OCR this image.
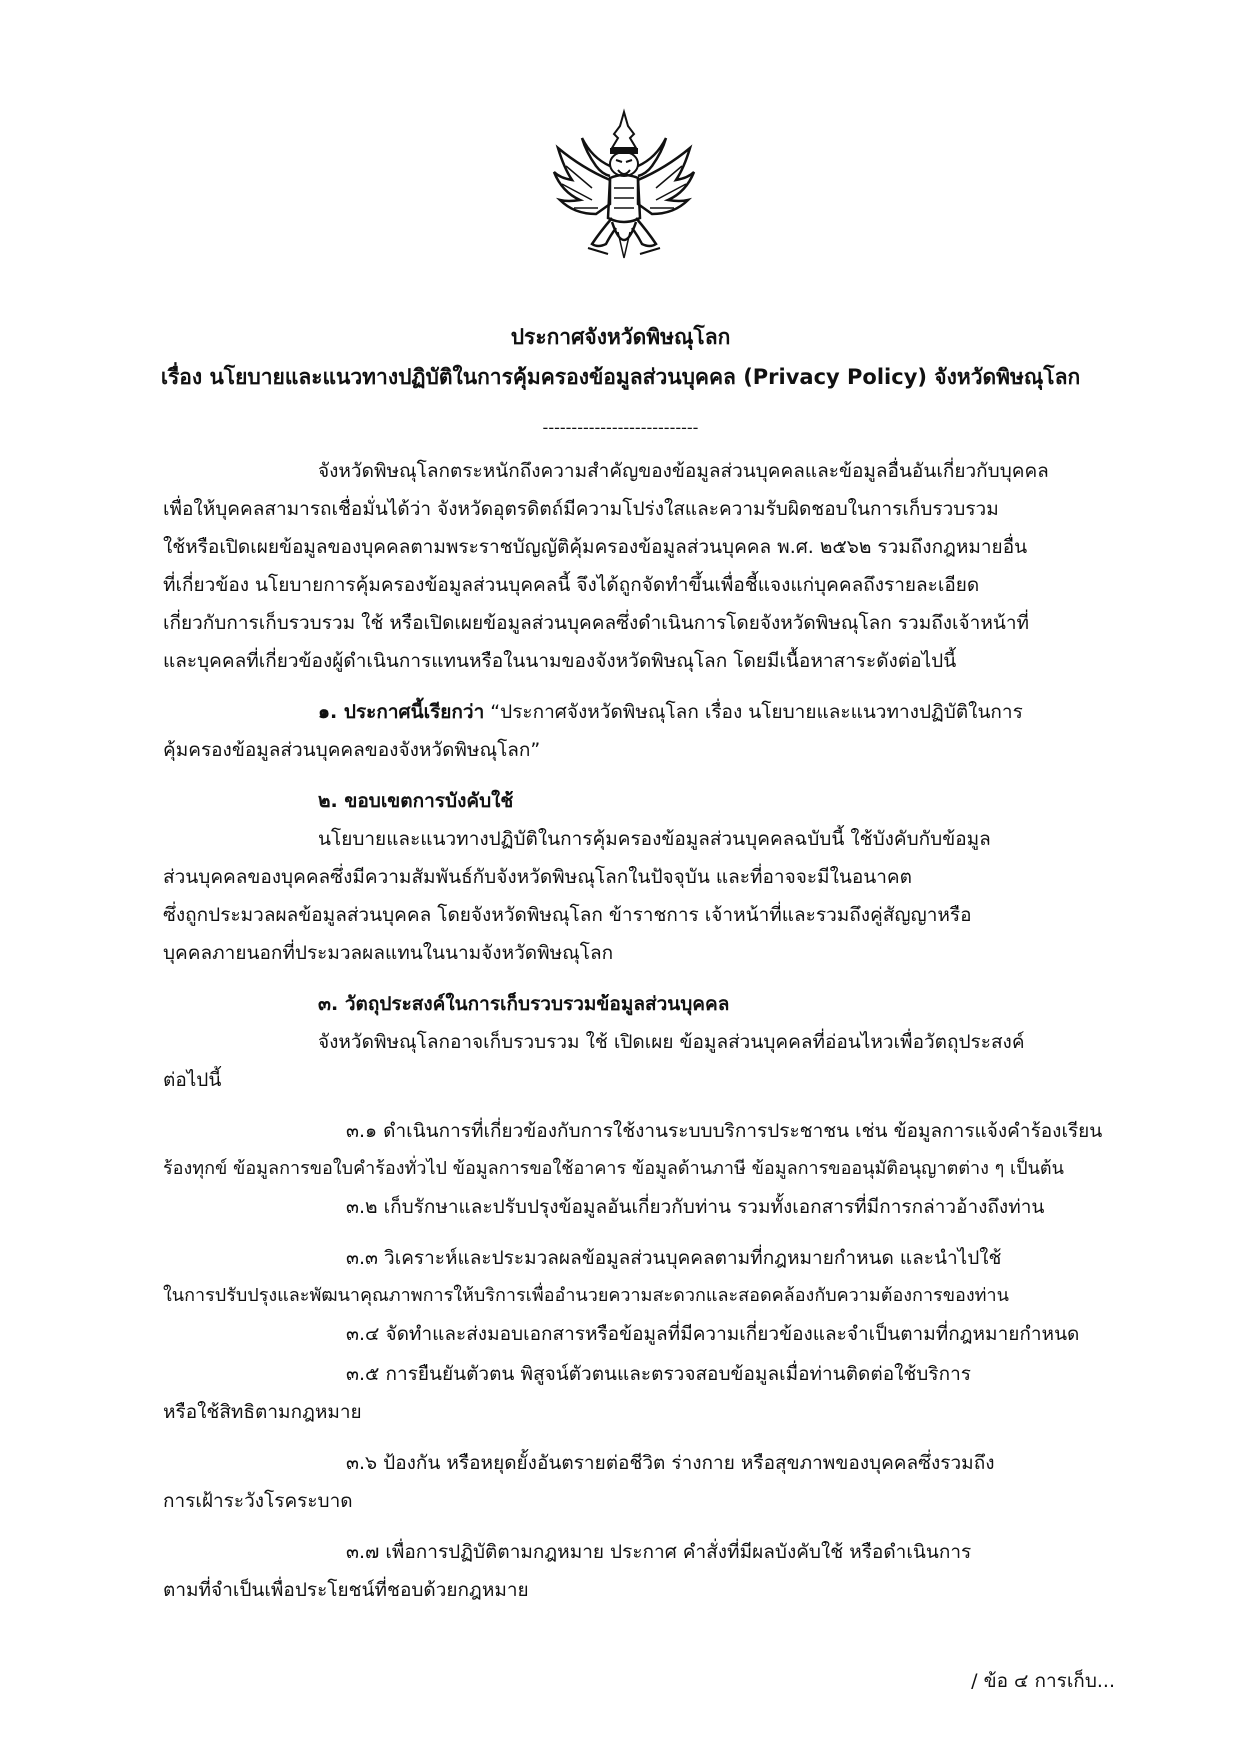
ประกาศจังหวัดพิษณุโลก
เรื่อง นโยบายและแนวทางปฏิบัติในการคุ้มครองข้อมูลส่วนบุคคล (Privacy Policy) จังหวัดพิษณุโลก
---------------------------
จังหวัดพิษณุโลกตระหนักถึงความสำคัญของข้อมูลส่วนบุคคลและข้อมูลอื่นอันเกี่ยวกับบุคคล
เพื่อให้บุคคลสามารถเชื่อมั่นได้ว่า จังหวัดอุตรดิตถ์มีความโปร่งใสและความรับผิดชอบในการเก็บรวบรวม
ใช้หรือเปิดเผยข้อมูลของบุคคลตามพระราชบัญญัติคุ้มครองข้อมูลส่วนบุคคล พ.ศ. ๒๕๖๒ รวมถึงกฎหมายอื่น
ที่เกี่ยวข้อง นโยบายการคุ้มครองข้อมูลส่วนบุคคลนี้ จึงได้ถูกจัดทำขึ้นเพื่อชี้แจงแก่บุคคลถึงรายละเอียด
เกี่ยวกับการเก็บรวบรวม ใช้ หรือเปิดเผยข้อมูลส่วนบุคคลซึ่งดำเนินการโดยจังหวัดพิษณุโลก รวมถึงเจ้าหน้าที่
และบุคคลที่เกี่ยวข้องผู้ดำเนินการแทนหรือในนามของจังหวัดพิษณุโลก โดยมีเนื้อหาสาระดังต่อไปนี้
๑. ประกาศนี้เรียกว่า “ประกาศจังหวัดพิษณุโลก เรื่อง นโยบายและแนวทางปฏิบัติในการ
คุ้มครองข้อมูลส่วนบุคคลของจังหวัดพิษณุโลก”
๒. ขอบเขตการบังคับใช้
นโยบายและแนวทางปฏิบัติในการคุ้มครองข้อมูลส่วนบุคคลฉบับนี้ ใช้บังคับกับข้อมูล
ส่วนบุคคลของบุคคลซึ่งมีความสัมพันธ์กับจังหวัดพิษณุโลกในปัจจุบัน และที่อาจจะมีในอนาคต
ซึ่งถูกประมวลผลข้อมูลส่วนบุคคล โดยจังหวัดพิษณุโลก ข้าราชการ เจ้าหน้าที่และรวมถึงคู่สัญญาหรือ
บุคคลภายนอกที่ประมวลผลแทนในนามจังหวัดพิษณุโลก
๓. วัตถุประสงค์ในการเก็บรวบรวมข้อมูลส่วนบุคคล
จังหวัดพิษณุโลกอาจเก็บรวบรวม ใช้ เปิดเผย ข้อมูลส่วนบุคคลที่อ่อนไหวเพื่อวัตถุประสงค์
ต่อไปนี้
๓.๑ ดำเนินการที่เกี่ยวข้องกับการใช้งานระบบบริการประชาชน เช่น ข้อมูลการแจ้งคำร้องเรียน
ร้องทุกข์ ข้อมูลการขอใบคำร้องทั่วไป ข้อมูลการขอใช้อาคาร ข้อมูลด้านภาษี ข้อมูลการขออนุมัติอนุญาตต่าง ๆ เป็นต้น
๓.๒ เก็บรักษาและปรับปรุงข้อมูลอันเกี่ยวกับท่าน รวมทั้งเอกสารที่มีการกล่าวอ้างถึงท่าน
๓.๓ วิเคราะห์และประมวลผลข้อมูลส่วนบุคคลตามที่กฎหมายกำหนด และนำไปใช้
ในการปรับปรุงและพัฒนาคุณภาพการให้บริการเพื่ออำนวยความสะดวกและสอดคล้องกับความต้องการของท่าน
๓.๔ จัดทำและส่งมอบเอกสารหรือข้อมูลที่มีความเกี่ยวข้องและจำเป็นตามที่กฎหมายกำหนด
๓.๕ การยืนยันตัวตน พิสูจน์ตัวตนและตรวจสอบข้อมูลเมื่อท่านติดต่อใช้บริการ
หรือใช้สิทธิตามกฎหมาย
๓.๖ ป้องกัน หรือหยุดยั้งอันตรายต่อชีวิต ร่างกาย หรือสุขภาพของบุคคลซึ่งรวมถึง
การเฝ้าระวังโรคระบาด
๓.๗ เพื่อการปฏิบัติตามกฎหมาย ประกาศ คำสั่งที่มีผลบังคับใช้ หรือดำเนินการ
ตามที่จำเป็นเพื่อประโยชน์ที่ชอบด้วยกฎหมาย
/ ข้อ ๔ การเก็บ...
